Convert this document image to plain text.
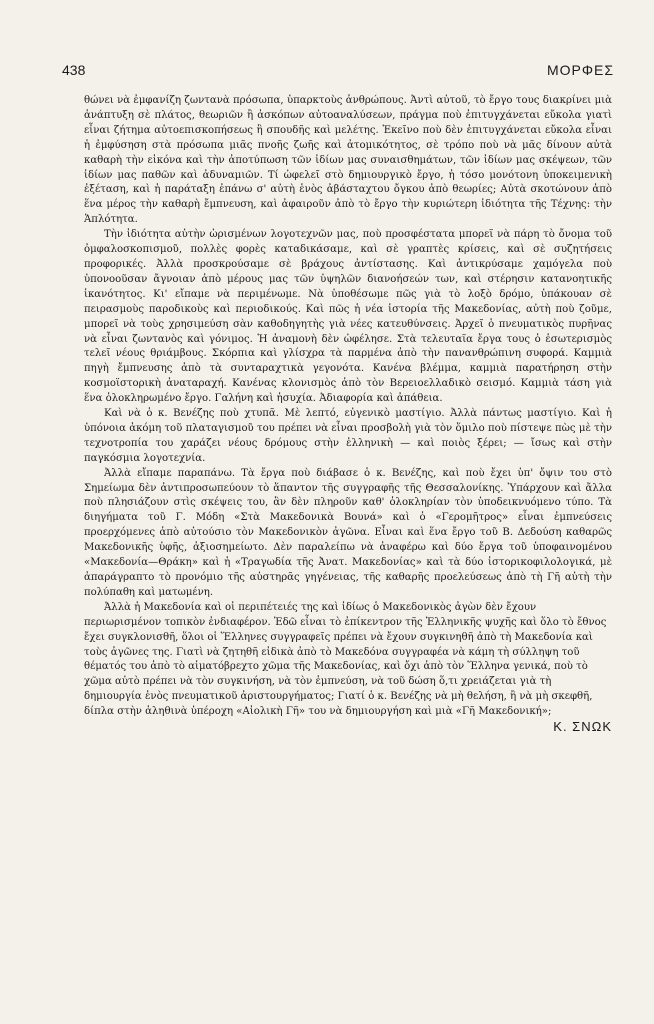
438	ΜΟΡΦΕΣ

θώνει νὰ ἐμφανίζη ζωντανὰ πρόσωπα, ὑπαρκτοὺς ἀνθρώπους. Ἀντὶ αὐτοῦ, τὸ ἔργο τους διακρίνει μιὰ ἀνάπτυξη σὲ πλάτος, θεωριῶν ἢ ἀσκόπων αὐτοαναλύσεων, πράγμα ποὺ ἐπιτυγχάνεται εὔκολα γιατὶ εἶναι ζήτημα αὐτοεπισκοπήσεως ἢ σπουδῆς καὶ μελέτης. Ἐκεῖνο ποὺ δὲν ἐπιτυγχάνεται εὔκολα εἶναι ἡ ἐμφύσηση στὰ πρόσωπα μιᾶς πνοῆς ζωῆς καὶ ἀτομικότητος, σὲ τρόπο ποὺ νὰ μᾶς δίνουν αὐτὰ καθαρὴ τὴν εἰκόνα καὶ τὴν ἀποτύπωση τῶν ἰδίων μας συναισθημάτων, τῶν ἰδίων μας σκέψεων, τῶν ἰδίων μας παθῶν καὶ ἀδυναμιῶν. Τί ὠφελεῖ στὸ δημιουργικὸ ἔργο, ἡ τόσο μονότονη ὑποκειμενικὴ ἐξέταση, καὶ ἡ παράταξη ἐπάνω σ' αὐτὴ ἑνὸς ἀβάσταχτου ὄγκου ἀπὸ θεωρίες; Αὐτὰ σκοτώνουν ἀπὸ ἕνα μέρος τὴν καθαρὴ ἔμπνευση, καὶ ἀφαιροῦν ἀπὸ τὸ ἔργο τὴν κυριώτερη ἰδιότητα τῆς Τέχνης: τὴν Ἁπλότητα.

Τὴν ἰδιότητα αὐτὴν ὡρισμένων λογοτεχνῶν μας, ποὺ προσφέστατα μπορεῖ νὰ πάρη τὸ ὄνομα τοῦ ὀμφαλοσκοπισμοῦ, πολλὲς φορὲς καταδικάσαμε, καὶ σὲ γραπτὲς κρίσεις, καὶ σὲ συζητήσεις προφορικές. Ἀλλὰ προσκρούσαμε σὲ βράχους ἀντίστασης. Καὶ ἀντικρύσαμε χαμόγελα ποὺ ὑπονοοῦσαν ἄγνοιαν ἀπὸ μέρους μας τῶν ὑψηλῶν διανοήσεών των, καὶ στέρησιν κατανοητικῆς ἱκανότητος. Κι' εἴπαμε νὰ περιμένωμε. Νὰ ὑποθέσωμε πῶς γιὰ τὸ λοξὸ δρόμο, ὑπάκουαν σὲ πειρασμοὺς παροδικοὺς καὶ περιοδικούς. Καὶ πῶς ἡ νέα ἱστορία τῆς Μακεδονίας, αὐτὴ ποὺ ζοῦμε, μπορεῖ νὰ τοὺς χρησιμεύση σὰν καθοδηγητὴς γιὰ νέες κατευθύνσεις. Ἀρχεῖ ὁ πνευματικὸς πυρῆνας νὰ εἶναι ζωντανὸς καὶ γόνιμος. Ἡ ἀναμονὴ δὲν ὠφέλησε. Στὰ τελευταῖα ἔργα τους ὁ ἐσωτερισμὸς τελεῖ νέους θριάμβους. Σκόρπια καὶ γλίσχρα τὰ παρμένα ἀπὸ τὴν πανανθρώπινη συφορά. Καμμιὰ πηγὴ ἔμπνευσης ἀπὸ τὰ συνταραχτικὰ γεγονότα. Κανένα βλέμμα, καμμιὰ παρατήρηση στὴν κοσμοϊστορικὴ ἀναταραχή. Κανένας κλονισμὸς ἀπὸ τὸν Βερειοελλαδικὸ σεισμό. Καμμιὰ τάση γιὰ ἕνα ὁλοκληρωμένο ἔργο. Γαλήνη καὶ ἡσυχία. Ἀδιαφορία καὶ ἀπάθεια.

Καὶ νὰ ὁ κ. Βενέζης ποὺ χτυπᾶ. Μὲ λεπτό, εὐγενικὸ μαστίγιο. Ἀλλὰ πάντως μαστίγιο. Καὶ ἡ ὑπόνοια ἀκόμη τοῦ πλαταγισμοῦ του πρέπει νὰ εἶναι προσβολὴ γιὰ τὸν ὅμιλο ποὺ πίστεψε πὼς μὲ τὴν τεχνοτροπία του χαράζει νέους δρόμους στὴν ἑλληνικὴ — καὶ ποιὸς ξέρει; — ἴσως καὶ στὴν παγκόσμια λογοτεχνία.

Ἀλλὰ εἴπαμε παραπάνω. Τὰ ἔργα ποὺ διάβασε ὁ κ. Βενέζης, καὶ ποὺ ἔχει ὑπ' ὄψιν του στὸ Σημείωμα δὲν ἀντιπροσωπεύουν τὸ ἅπαντον τῆς συγγραφῆς τῆς Θεσσαλονίκης. Ὑπάρχουν καὶ ἄλλα ποὺ πλησιάζουν στὶς σκέψεις του, ἂν δὲν πληροῦν καθ' ὁλοκληρίαν τὸν ὑποδεικνυόμενο τύπο. Τὰ διηγήματα τοῦ Γ. Μόδη «Στὰ Μακεδονικὰ Βουνά» καὶ ὁ «Γερομῆτρος» εἶναι ἐμπνεύσεις προερχόμενες ἀπὸ αὐτούσιο τὸν Μακεδονικὸν ἀγῶνα. Εἶναι καὶ ἕνα ἔργο τοῦ Β. Δεδούση καθαρῶς Μακεδονικῆς ὑφῆς, ἀξιοσημείωτο. Δὲν παραλείπω νὰ ἀναφέρω καὶ δύο ἔργα τοῦ ὑποφαινομένου «Μακεδονία—Θράκη» καὶ ἡ «Τραγωδία τῆς Ἀνατ. Μακεδονίας» καὶ τὰ δύο ἱστορικοφιλολογικά, μὲ ἀπαράγραπτο τὸ προνόμιο τῆς αὐστηρᾶς γηγένειας, τῆς καθαρῆς προελεύσεως ἀπὸ τὴ Γῆ αὐτὴ τὴν πολύπαθη καὶ ματωμένη.

Ἀλλὰ ἡ Μακεδονία καὶ οἱ περιπέτειές της καὶ ἰδίως ὁ Μακεδονικὸς ἀγὼν δὲν ἔχουν περιωρισμένον τοπικὸν ἐνδιαφέρον. Ἐδῶ εἶναι τὸ ἐπίκεντρον τῆς Ἑλληνικῆς ψυχῆς καὶ ὅλο τὸ ἔθνος ἔχει συγκλονισθῆ, ὅλοι οἱ Ἕλληνες συγγραφεῖς πρέπει νὰ ἔχουν συγκινηθῆ ἀπὸ τὴ Μακεδονία καὶ τοὺς ἀγῶνες της. Γιατὶ νὰ ζητηθῆ εἰδικὰ ἀπὸ τὸ Μακεδόνα συγγραφέα νὰ κάμη τὴ σύλληψη τοῦ θέματός του ἀπὸ τὸ αἱματόβρεχτο χῶμα τῆς Μακεδονίας, καὶ ὄχι ἀπὸ τὸν Ἕλληνα γενικά, ποὺ τὸ χῶμα αὐτὸ πρέπει νὰ τὸν συγκινήση, νὰ τὸν ἐμπνεύση, νὰ τοῦ δώση ὅ,τι χρειάζεται γιὰ τὴ δημιουργία ἑνὸς πνευματικοῦ ἀριστουργήματος; Γιατί ὁ κ. Βενέζης νὰ μὴ θελήση, ἢ νὰ μὴ σκεφθῆ, δίπλα στὴν ἀληθινὰ ὑπέροχη «Αἰολικὴ Γῆ» του νὰ δημιουργήση καὶ μιὰ «Γῆ Μακεδονική»;
Κ. ΣΝΩΚ
